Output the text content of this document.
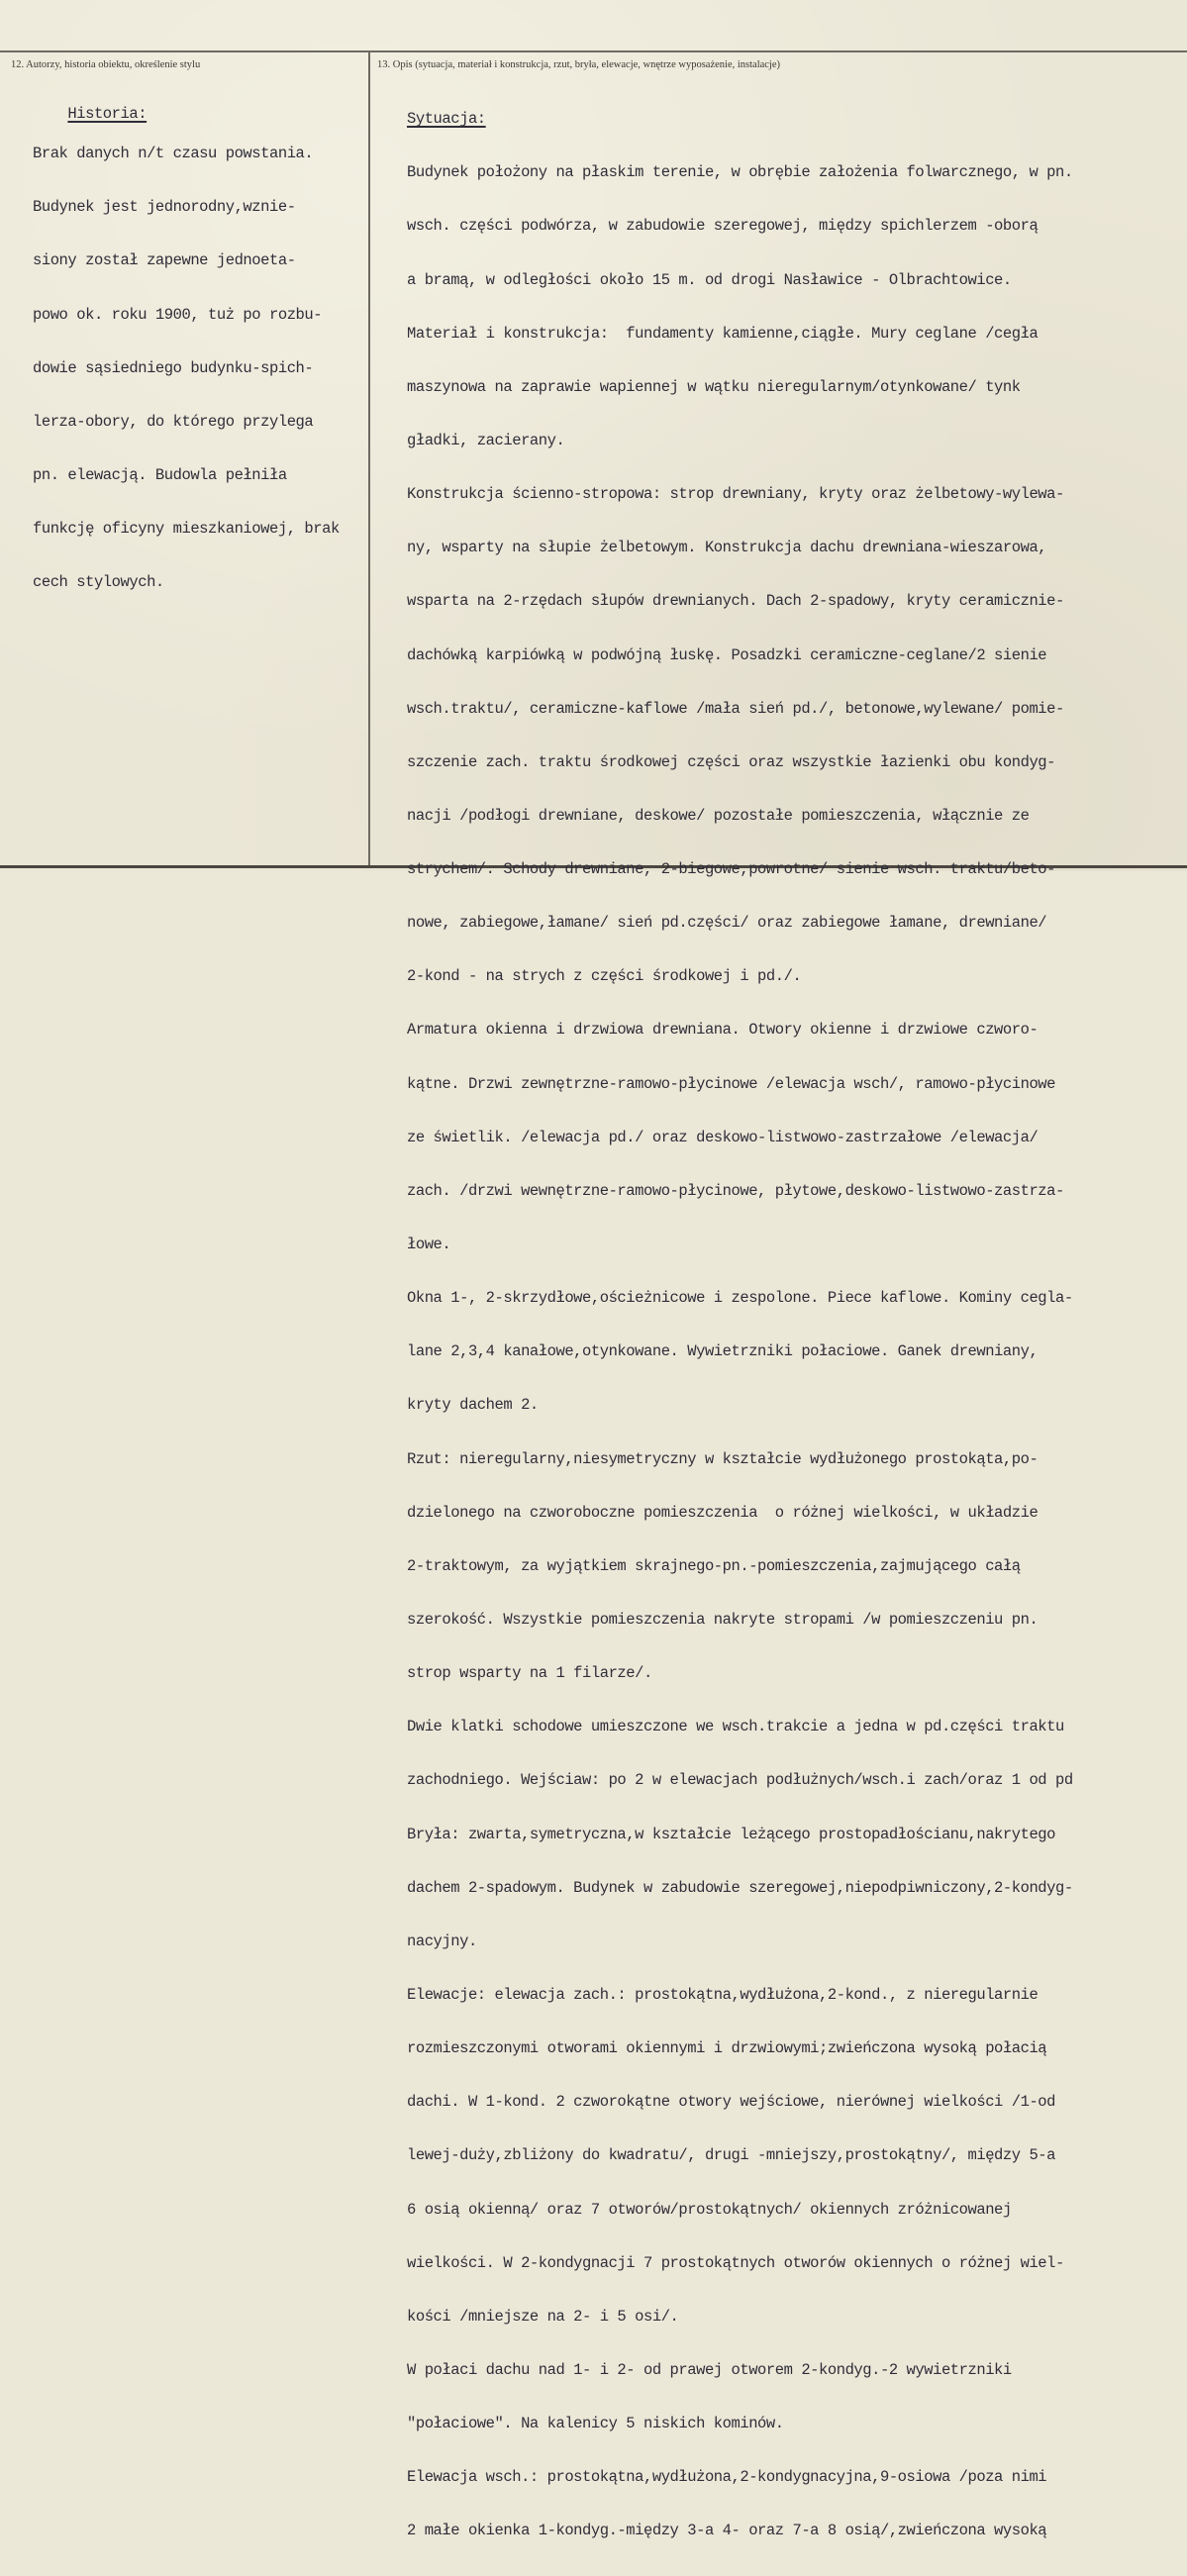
12. Autorzy, historia obiektu, określenie stylu	13. Opis (sytuacja, materiał i konstrukcja, rzut, bryła, elewacje, wnętrze wyposażenie, instalacje)

Historia:

Brak danych n/t czasu powstania.

Budynek jest jednorodny,wznie-

siony został zapewne jednoeta-

powo ok. roku 1900, tuż po rozbu-

dowie sąsiedniego budynku-spich-

lerza-obory, do którego przylega

pn. elewacją. Budowla pełniła

funkcję oficyny mieszkaniowej, brak

cech stylowych.

Sytuacja:

Budynek położony na płaskim terenie, w obrębie założenia folwarcznego, w pn.

wsch. części podwórza, w zabudowie szeregowej, między spichlerzem -oborą

a bramą, w odległości około 15 m. od drogi Nasławice - Olbrachtowice.

Materiał i konstrukcja:  fundamenty kamienne,ciągłe. Mury ceglane /cegła

maszynowa na zaprawie wapiennej w wątku nieregularnym/otynkowane/ tynk

gładki, zacierany.

Konstrukcja ścienno-stropowa: strop drewniany, kryty oraz żelbetowy-wylewa-

ny, wsparty na słupie żelbetowym. Konstrukcja dachu drewniana-wieszarowa,

wsparta na 2-rzędach słupów drewnianych. Dach 2-spadowy, kryty ceramicznie-

dachówką karpiówką w podwójną łuskę. Posadzki ceramiczne-ceglane/2 sienie

wsch.traktu/, ceramiczne-kaflowe /mała sień pd./, betonowe,wylewane/ pomie-

szczenie zach. traktu środkowej części oraz wszystkie łazienki obu kondyg-

nacji /podłogi drewniane, deskowe/ pozostałe pomieszczenia, włącznie ze

strychem/. Schody drewniane, 2-biegowe,powrotne/ sienie wsch. traktu/beto-

nowe, zabiegowe,łamane/ sień pd.części/ oraz zabiegowe łamane, drewniane/

2-kond - na strych z części środkowej i pd./.

Armatura okienna i drzwiowa drewniana. Otwory okienne i drzwiowe czworo-

kątne. Drzwi zewnętrzne-ramowo-płycinowe /elewacja wsch/, ramowo-płycinowe

ze świetlik. /elewacja pd./ oraz deskowo-listwowo-zastrzałowe /elewacja/

zach. /drzwi wewnętrzne-ramowo-płycinowe, płytowe,deskowo-listwowo-zastrza-

łowe.

Okna 1-, 2-skrzydłowe,ościeżnicowe i zespolone. Piece kaflowe. Kominy cegla-

lane 2,3,4 kanałowe,otynkowane. Wywietrzniki połaciowe. Ganek drewniany,

kryty dachem 2.

Rzut: nieregularny,niesymetryczny w kształcie wydłużonego prostokąta,po-

dzielonego na czworoboczne pomieszczenia  o różnej wielkości, w układzie

2-traktowym, za wyjątkiem skrajnego-pn.-pomieszczenia,zajmującego całą

szerokość. Wszystkie pomieszczenia nakryte stropami /w pomieszczeniu pn.

strop wsparty na 1 filarze/.

Dwie klatki schodowe umieszczone we wsch.trakcie a jedna w pd.części traktu

zachodniego. Wejściaw: po 2 w elewacjach podłużnych/wsch.i zach/oraz 1 od pd

Bryła: zwarta,symetryczna,w kształcie leżącego prostopadłościanu,nakrytego

dachem 2-spadowym. Budynek w zabudowie szeregowej,niepodpiwniczony,2-kondyg-

nacyjny.

Elewacje: elewacja zach.: prostokątna,wydłużona,2-kond., z nieregularnie

rozmieszczonymi otworami okiennymi i drzwiowymi;zwieńczona wysoką połacią

dachi. W 1-kond. 2 czworokątne otwory wejściowe, nierównej wielkości /1-od

lewej-duży,zbliżony do kwadratu/, drugi -mniejszy,prostokątny/, między 5-a

6 osią okienną/ oraz 7 otworów/prostokątnych/ okiennych zróżnicowanej

wielkości. W 2-kondygnacji 7 prostokątnych otworów okiennych o różnej wiel-

kości /mniejsze na 2- i 5 osi/.

W połaci dachu nad 1- i 2- od prawej otworem 2-kondyg.-2 wywietrzniki

"połaciowe". Na kalenicy 5 niskich kominów.

Elewacja wsch.: prostokątna,wydłużona,2-kondygnacyjna,9-osiowa /poza nimi

2 małe okienka 1-kondyg.-między 3-a 4- oraz 7-a 8 osią/,zwieńczona wysoką
